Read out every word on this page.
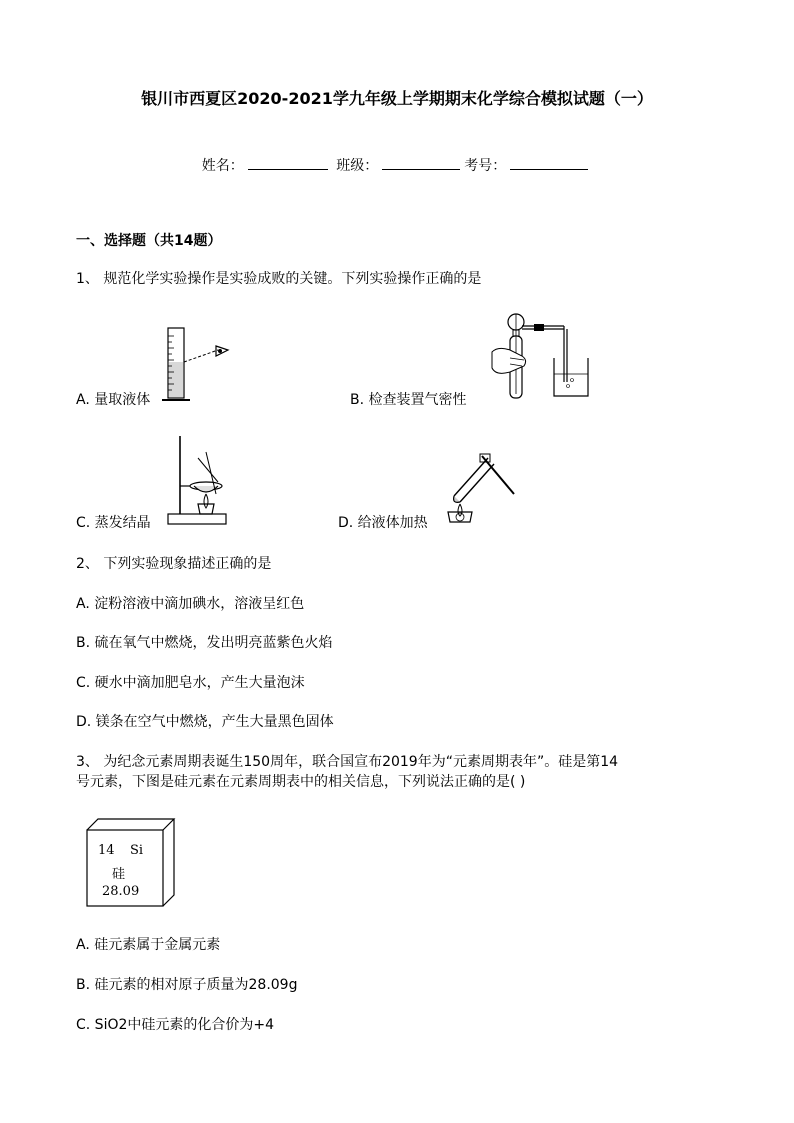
银川市西夏区2020-2021学九年级上学期期末化学综合模拟试题（一）
姓名：	班级：	考号：
一、选择题（共14题）
1、 规范化学实验操作是实验成败的关键。下列实验操作正确的是
A. 量取液体	B. 检查装置气密性
C. 蒸发结晶	D. 给液体加热
2、 下列实验现象描述正确的是
A. 淀粉溶液中滴加碘水，溶液呈红色
B. 硫在氧气中燃烧，发出明亮蓝紫色火焰
C. 硬水中滴加肥皂水，产生大量泡沫
D. 镁条在空气中燃烧，产生大量黑色固体
3、 为纪念元素周期表诞生150周年，联合国宣布2019年为“元素周期表年”。硅是第14
号元素，下图是硅元素在元素周期表中的相关信息，下列说法正确的是( )
14 Si
硅
28.09
A. 硅元素属于金属元素
B. 硅元素的相对原子质量为28.09g
C. SiO2中硅元素的化合价为+4
